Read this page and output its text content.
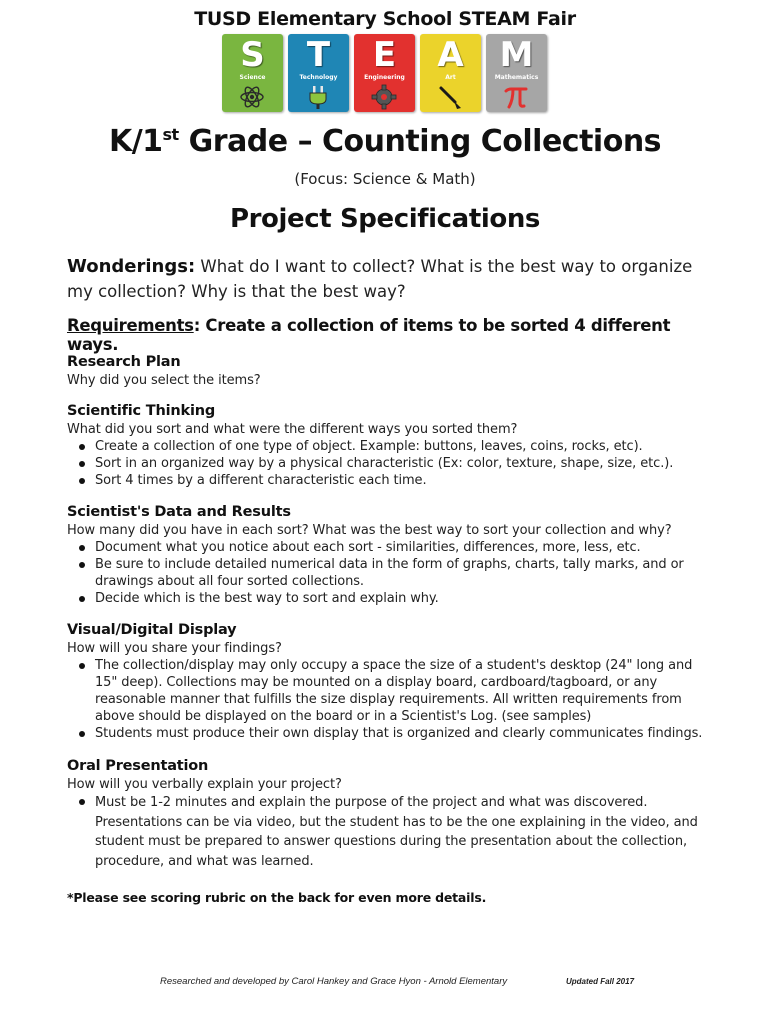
TUSD Elementary School STEAM Fair
S
Science
T
Technology
E
Engineering
A
Art
M
Mathematics
K/1st Grade – Counting Collections
(Focus: Science & Math)
Project Specifications
Wonderings: What do I want to collect? What is the best way to organize my collection? Why is that the best way?
Requirements: Create a collection of items to be sorted 4 different ways.
Research Plan
Why did you select the items?
Scientific Thinking
What did you sort and what were the different ways you sorted them?
Create a collection of one type of object. Example: buttons, leaves, coins, rocks, etc).
Sort in an organized way by a physical characteristic (Ex: color, texture, shape, size, etc.).
Sort 4 times by a different characteristic each time.
Scientist's Data and Results
How many did you have in each sort? What was the best way to sort your collection and why?
Document what you notice about each sort - similarities, differences, more, less, etc.
Be sure to include detailed numerical data in the form of graphs, charts, tally marks, and or drawings about all four sorted collections.
Decide which is the best way to sort and explain why.
Visual/Digital Display
How will you share your findings?
The collection/display may only occupy a space the size of a student's desktop (24" long and 15" deep). Collections may be mounted on a display board, cardboard/tagboard, or any reasonable manner that fulfills the size display requirements. All written requirements from above should be displayed on the board or in a Scientist's Log. (see samples)
Students must produce their own display that is organized and clearly communicates findings.
Oral Presentation
How will you verbally explain your project?
Must be 1-2 minutes and explain the purpose of the project and what was discovered. Presentations can be via video, but the student has to be the one explaining in the video, and student must be prepared to answer questions during the presentation about the collection, procedure, and what was learned.
*Please see scoring rubric on the back for even more details.
Researched and developed by Carol Hankey and Grace Hyon - Arnold Elementary	Updated Fall 2017
